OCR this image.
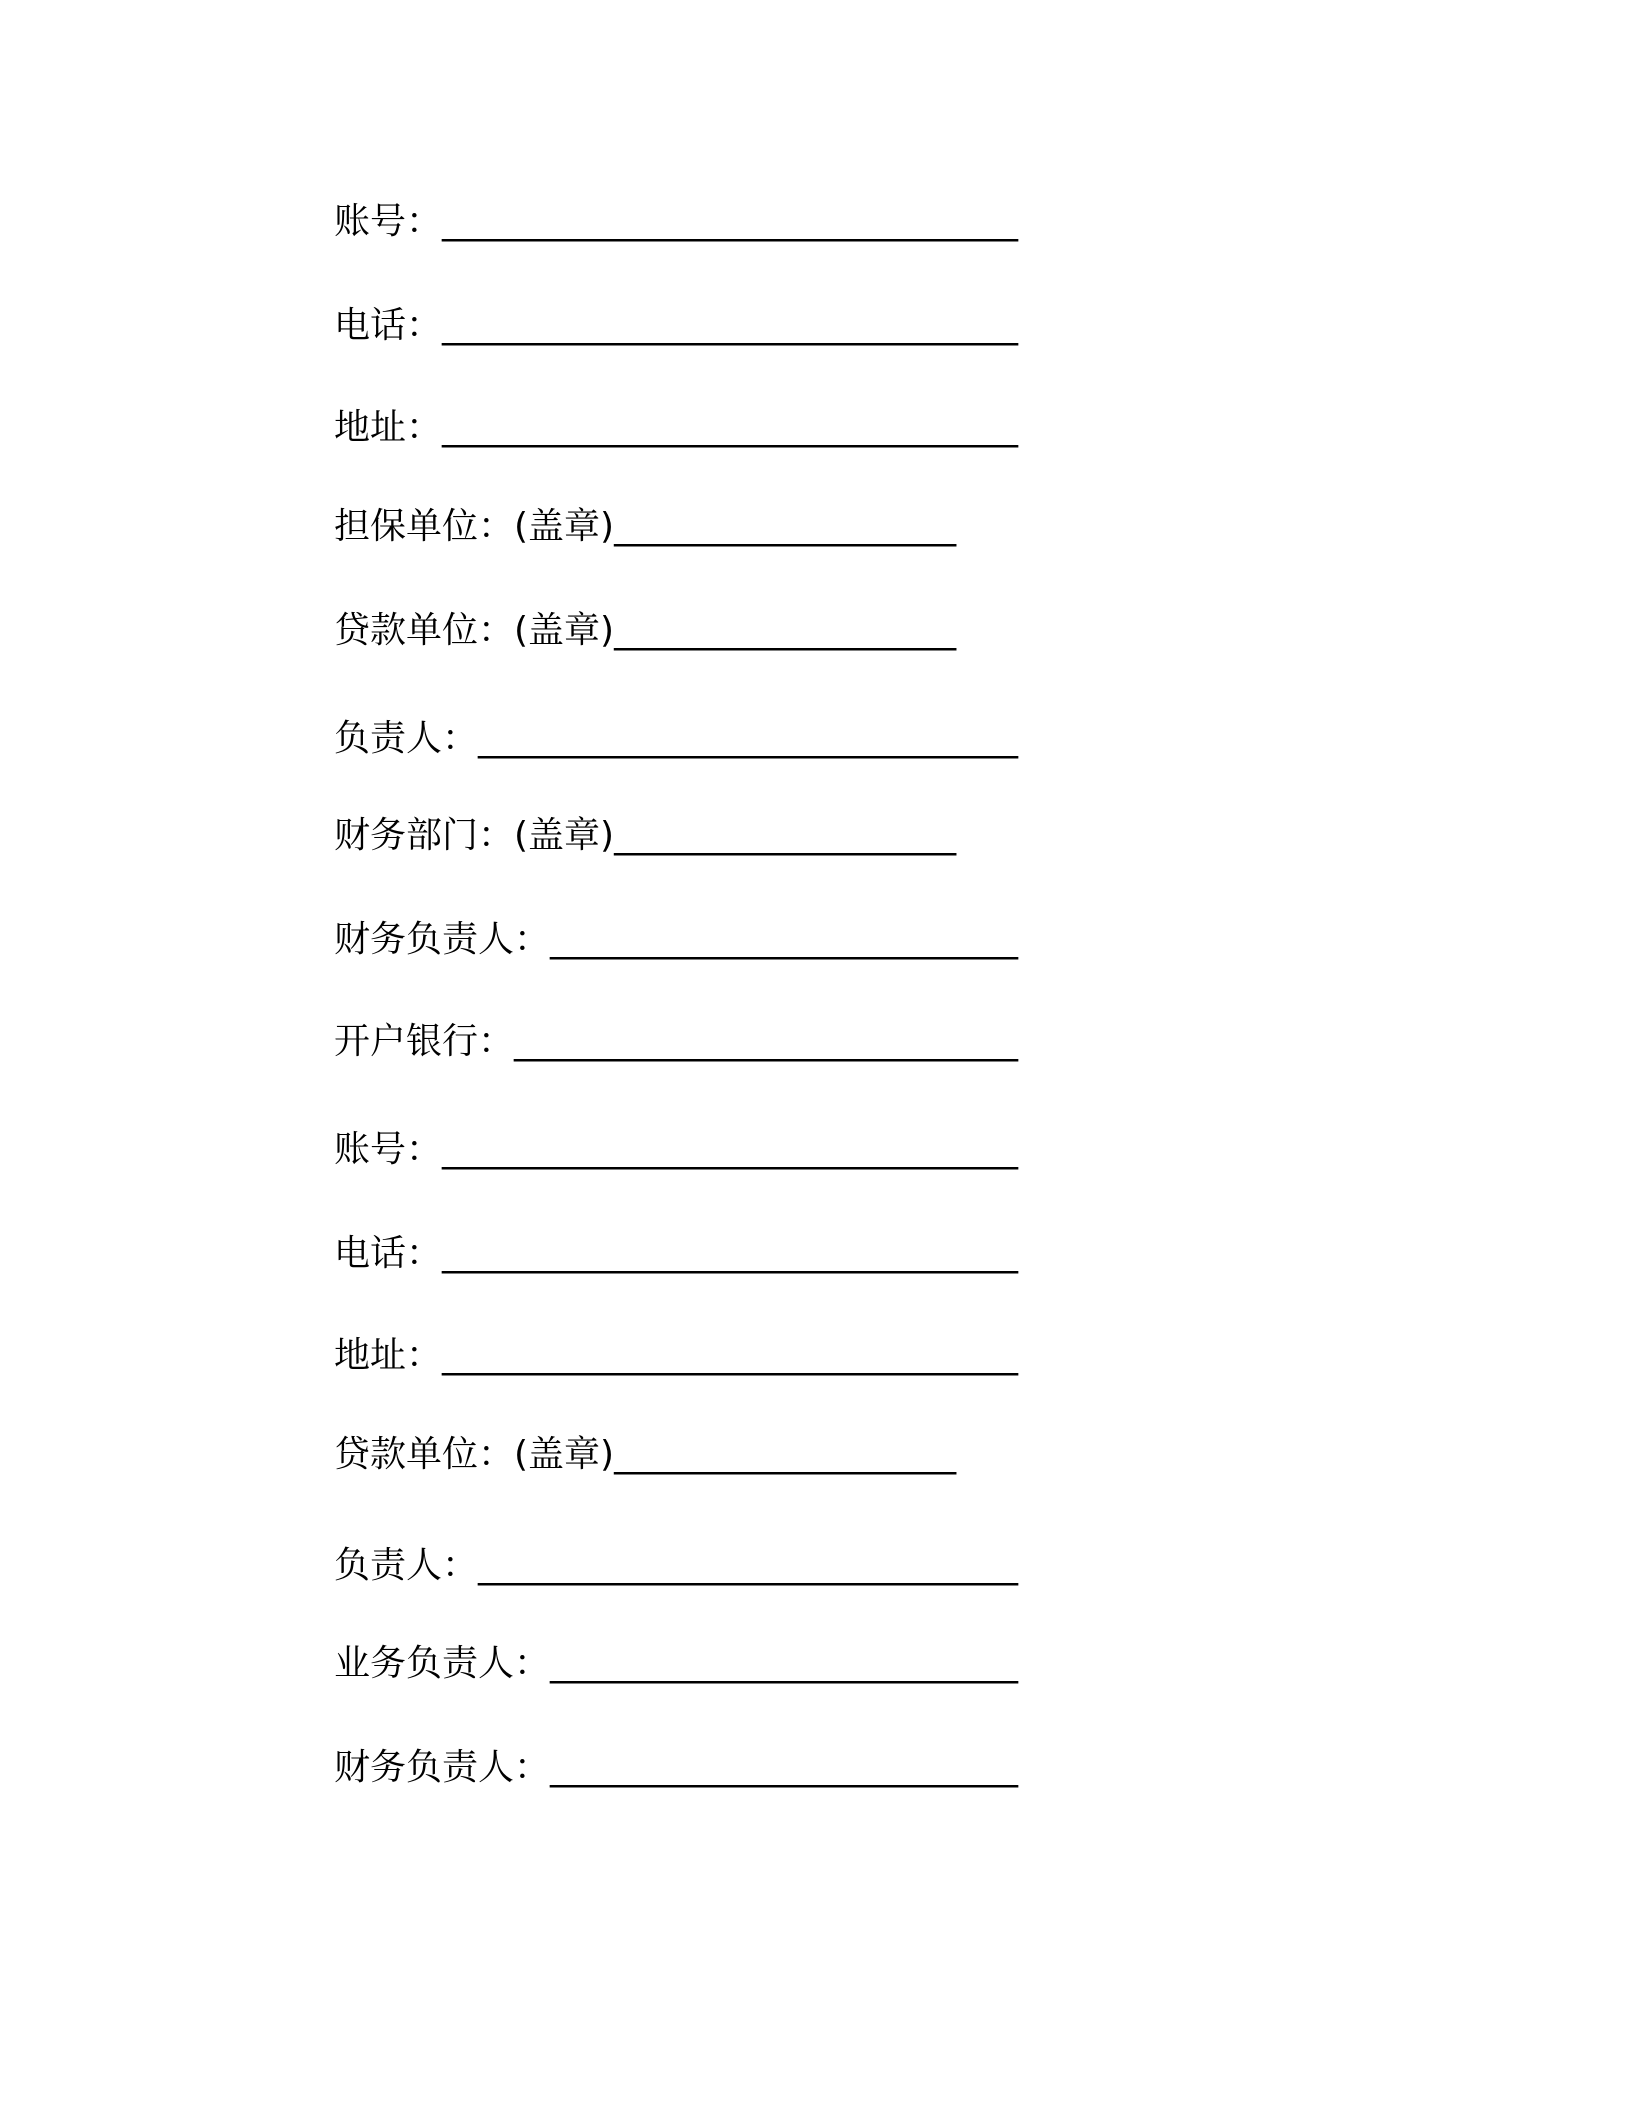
账号： ________________________________
电话： ________________________________
地址： ________________________________
担保单位：(盖章) ___________________
贷款单位：(盖章) ___________________
负责人： ______________________________
财务部门：(盖章) ___________________
财务负责人： __________________________
开户银行： ____________________________
账号： ________________________________
电话： ________________________________
地址： ________________________________
贷款单位：(盖章) ___________________
负责人： ______________________________
业务负责人： __________________________
财务负责人： __________________________
